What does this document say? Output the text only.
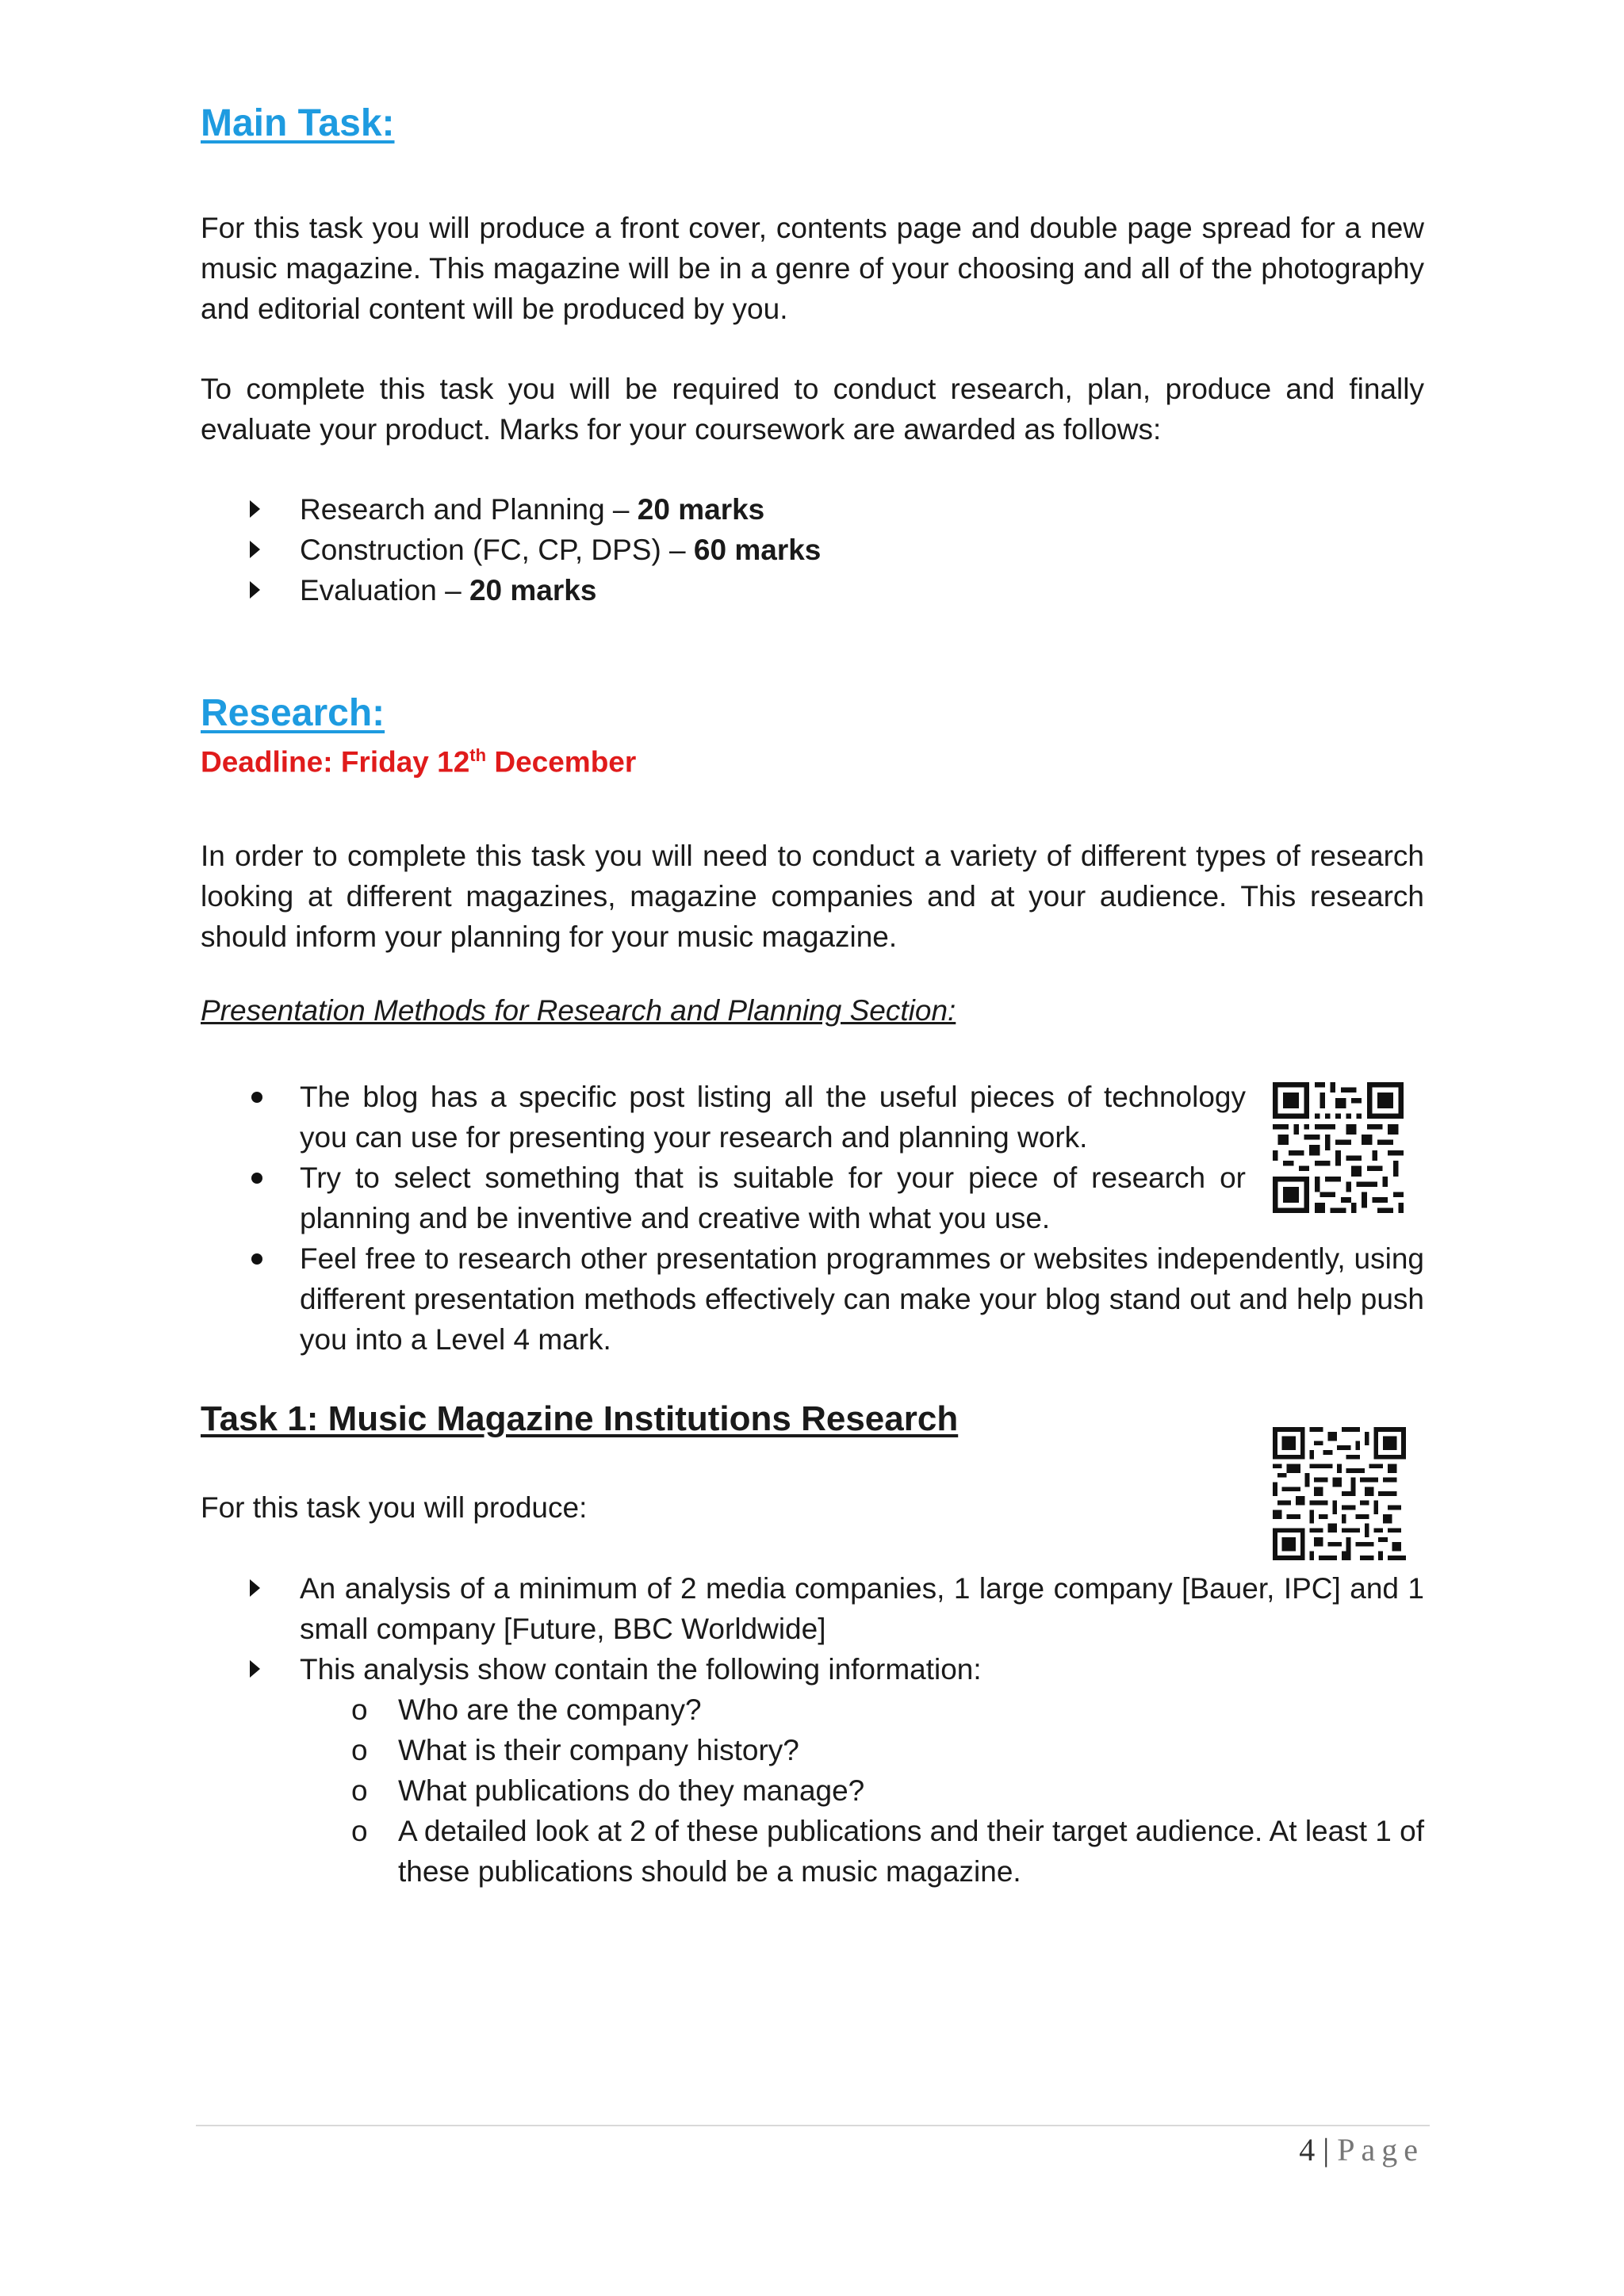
Main Task:

For this task you will produce a front cover, contents page and double page spread for a new music magazine. This magazine will be in a genre of your choosing and all of the photography and editorial content will be produced by you.

To complete this task you will be required to conduct research, plan, produce and finally evaluate your product. Marks for your coursework are awarded as follows:

Research and Planning – 20 marks
Construction (FC, CP, DPS) – 60 marks
Evaluation – 20 marks
Research:
Deadline: Friday 12th December

In order to complete this task you will need to conduct a variety of different types of research looking at different magazines, magazine companies and at your audience. This research should inform your planning for your music magazine.

Presentation Methods for Research and Planning Section:
The blog has a specific post listing all the useful pieces of technology you can use for presenting your research and planning work.
Try to select something that is suitable for your piece of research or planning and be inventive and creative with what you use.
Feel free to research other presentation programmes or websites independently, using different presentation methods effectively can make your blog stand out and help push you into a Level 4 mark.
Task 1: Music Magazine Institutions Research
For this task you will produce:
An analysis of a minimum of 2 media companies, 1 large company [Bauer, IPC] and 1 small company [Future, BBC Worldwide]
This analysis show contain the following information:
o Who are the company?
o What is their company history?
o What publications do they manage?
o A detailed look at 2 of these publications and their target audience. At least 1 of these publications should be a music magazine.
4 | Page
